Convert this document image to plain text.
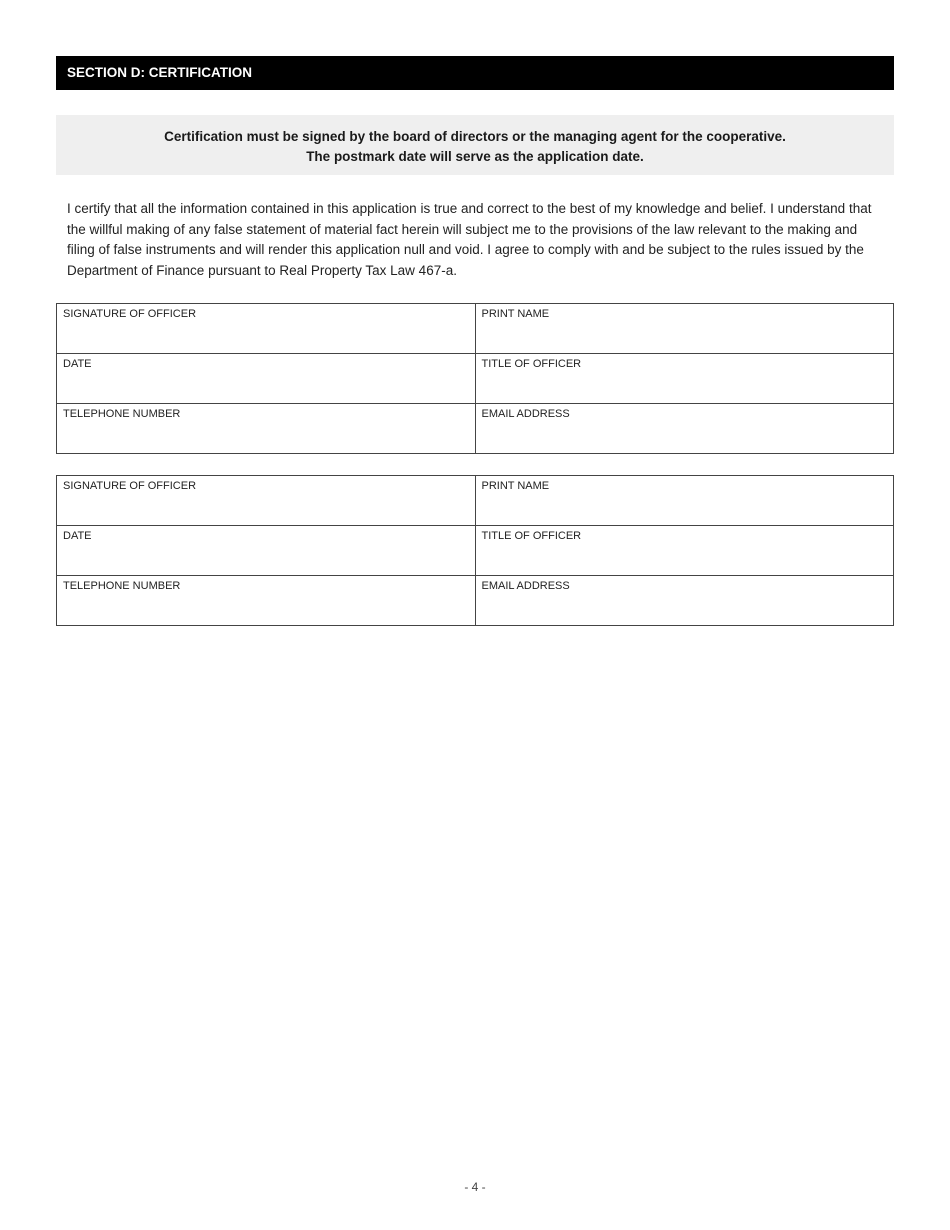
SECTION D: CERTIFICATION
Certification must be signed by the board of directors or the managing agent for the cooperative.
The postmark date will serve as the application date.

I certify that all the information contained in this application is true and correct to the best of my knowledge and belief. I understand that the willful making of any false statement of material fact herein will subject me to the provisions of the law relevant to the making and filing of false instruments and will render this application null and void. I agree to comply with and be subject to the rules issued by the Department of Finance pursuant to Real Property Tax Law 467-a.

SIGNATURE OF OFFICER	PRINT NAME
DATE	TITLE OF OFFICER
TELEPHONE NUMBER	EMAIL ADDRESS
SIGNATURE OF OFFICER	PRINT NAME
DATE	TITLE OF OFFICER
TELEPHONE NUMBER	EMAIL ADDRESS
- 4 -
